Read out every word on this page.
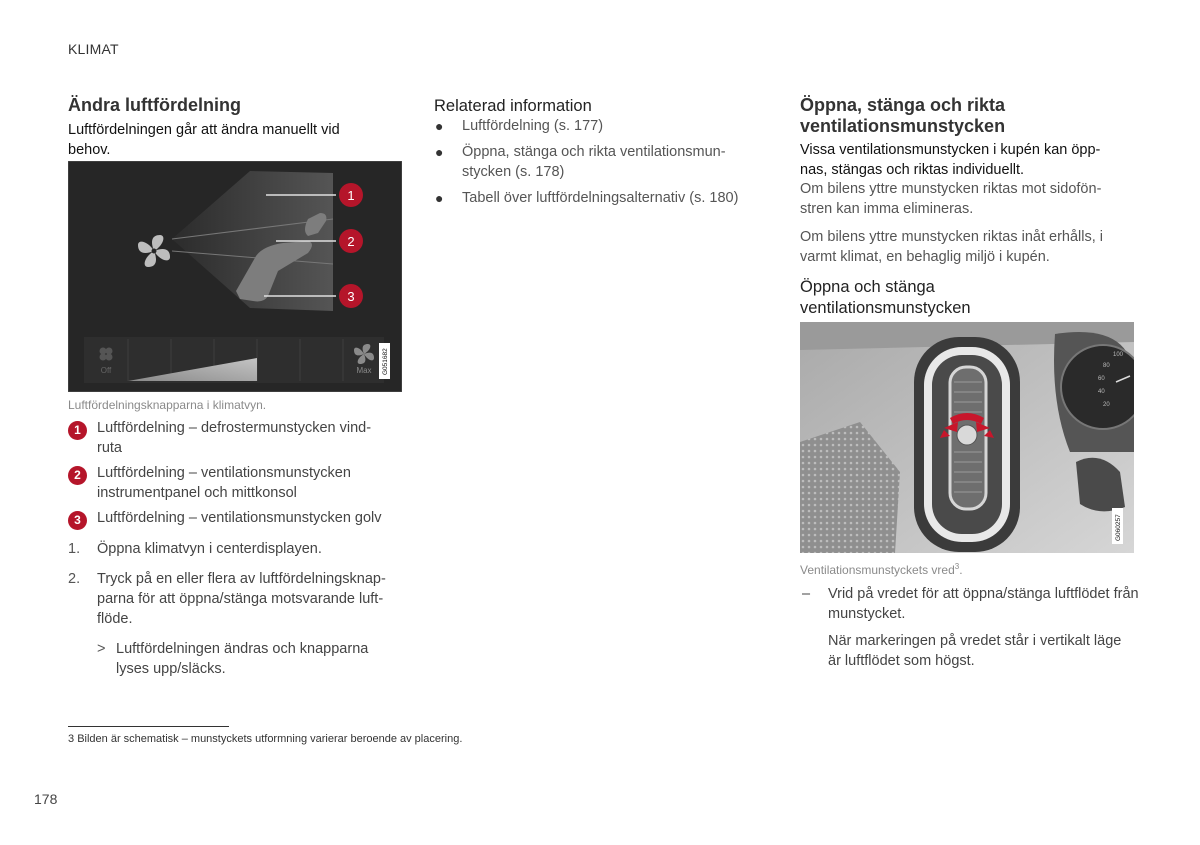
KLIMAT
Ändra luftfördelning

Luftfördelningen går att ändra manuellt vid behov.

Off	Max G051682
1
2
3
Luftfördelningsknapparna i klimatvyn.
1	Luftfördelning – defrostermunstycken vindruta
2	Luftfördelning – ventilationsmunstycken instrumentpanel och mittkonsol
3	Luftfördelning – ventilationsmunstycken golv
1. Öppna klimatvyn i centerdisplayen.
2. Tryck på en eller flera av luftfördelningsknapparna för att öppna/stänga motsvarande luftflöde.
> Luftfördelningen ändras och knapparna lyses upp/släcks.
Relaterad information
● Luftfördelning (s. 177)
● Öppna, stänga och rikta ventilationsmunstycken (s. 178)
● Tabell över luftfördelningsalternativ (s. 180)
Öppna, stänga och rikta ventilationsmunstycken

Vissa ventilationsmunstycken i kupén kan öppnas, stängas och riktas individuellt.

Om bilens yttre munstycken riktas mot sidofönstren kan imma elimineras.

Om bilens yttre munstycken riktas inåt erhålls, i varmt klimat, en behaglig miljö i kupén.

Öppna och stänga ventilationsmunstycken
100
80
60
40
20
G060257
Ventilationsmunstyckets vred$^3$.
– Vrid på vredet för att öppna/stänga luftflödet från munstycket.

När markeringen på vredet står i vertikalt läge är luftflödet som högst.

3 Bilden är schematisk – munstyckets utformning varierar beroende av placering.
178
